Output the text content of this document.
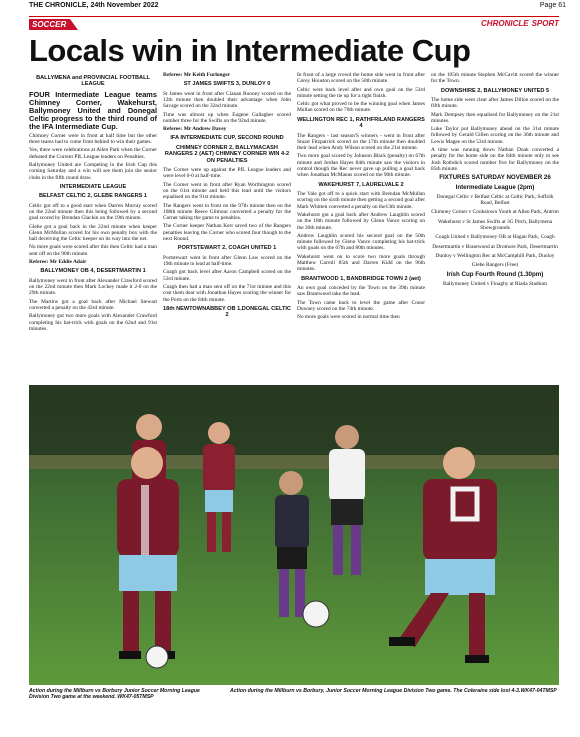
THE CHRONICLE, 24th November 2022	Page 61
SOCCER	CHRONICLE SPORT
Locals win in Intermediate Cup
BALLYMENA and PROVINCIAL FOOTBALL LEAGUE

FOUR Intermediate League teams Chimney Corner, Wakehurst, Ballymoney United and Donegal Celtic progress to the third round of the IFA Intermediate Cup.

Chimney Corner were in front at half time but the other three teams had to come from behind to win their games.

Yes, there were celebrations at Allen Park when the Corner defeated the Current PIL League leaders on Penalties.

Ballymoney United are Competing in the Irish Cup this coming Saturday and a win will see them join the senior clubs in the fifth round draw.

INTERMEDIATE LEAGUE
BELFAST CELTIC 2, GLEBE RANGERS 1

Celtic got off to a good start when Darren Murray scored on the 22nd minute then this being followed by a second goal scored by Brendan Glackin on the 19th minute.

Glebe got a goal back in the 22nd minute when keeper Glenn McMullan scored for his own penalty box with the ball deceiving the Celtic keeper on its way into the net.

No more goals were scored after this then Celtic had a man sent off on the 90th minute.

Referee: Mr Eddie Adair

BALLYMONEY OB 4, DESERTMARTIN 1

Ballymoney went in front after Alexander Crawford scored on the 22nd minute then Mark Lockey made it 2-0 on the 29th minute.

The Martins got a goal back after Michael Stewart converted a penalty on the 43rd minute.

Ballymoney got two more goals with Alexander Crawford completing his hat-trick with goals on the 62nd and 91st minutes.

Referee: Mr Keith Furlonger

ST JAMES SWIFTS 3, DUNLOY 0

St James went in front after Cianan Rooney scored on the 12th minute then doubled their advantage when John Savage scored on the 32nd minute.

Time was almost up when Eugene Gallagher scored number three for the Swifts on the 92nd minute.

Referee: Mr Andrew Davey

IFA INTERMEDIATE CUP, SECOND ROUND
CHIMNEY CORNER 2, BALLYMACASH RANGERS 2 (AET) CHIMNEY CORNER WIN 4-2 ON PENALTIES

The Corner were up against the PIL League leaders and were level 0-0 at half-time.

The Corner went in front after Ryan Worthington scored on the 61st minute and held this lead until the visitors equalised on the 91st minute.

The Rangers went in front on the 97th minute then on the 108th minute Reece Gilmour converted a penalty for the Corner taking the game to penalties.

The Corner keeper Nathan Kerr saved two of the Rangers penalties leaving the Corner who scored four though to the next Round.

PORTSTEWART 2, COAGH UNITED 1

Portstewart went in front after Glenn Law scored on the 19th minute to lead at half-time.

Coagh got back level after Aaron Campbell scored on the 53rd minute.

Coagh then had a man sent off on the 71st minute and this cost them dear with Jonathan Hayes scoring the winner for the Ports on the 84th minute.

18th NEWTOWNABBEY OB 1,DONEGAL CELTIC 2

In front of a large crowd the home side went in front after Corey Houston scored on the 50th minute.

Celtic were back level after and own goal on the 53rd minute setting the tie up for a tight finish.

Celtic got what proved to be the winning goal when James Mullan scored on the 70th minute.

WELLINGTON REC 1, RATHFRILAND RANGERS 4

The Rangers - last season'S winners - went in front after Stuart Fitzpatrick scored on the 17th minute then doubled their lead when Andy Wilson scored on the 21st minute.

Two more goal scored by Johnson Black (penalty) on 67th minute and Jordan Hayes 84th minute saw the visitors in control though the Rec never gave up pulling a goal back when Jonathan McManus scored on the 90th minute.

WAKEHURST 7, LAURELVALE 2

The Vale got off to a quick start with Brendan McMullan scoring on the sixth minute then getting a second goal after Mark Whitten converted a penalty on the13th minute.

Wakehurst got a goal back after Andrew Laughlin scored on the 18th minute followed by Glenn Vance scoring on the 30th minute.

Andrew Laughlin scored his second goal on the 50th minute followed by Glenn Vance completing his hat-trick with goals on the 67th and 80th minutes.

Wakehurst went on to score two more goals through Matthew Carroll 85th and Darren Kidd on the 96th minutes.

BRANTWOOD 1, BANDBRIDGE TOWN 2 (aet)

An own goal conceded by the Town on the 39th minute saw Brantwood take the lead.

The Town came back to level the game after Conor Downey scored on the 74th minute.

No more goals were scored in normal time then

on the 105th minute Stephen McCavitt scored the winner for the Town.

DOWNSHIRE 2, BALLYMONEY UNITED 5

The home side went clear after James Dillon scored on the fifth minute.

Mark Dempsey then equalised for Ballymoney on the 21st minutes.

Luke Taylor put Ballymoney ahead on the 31st minute followed by Gerald Gillen scoring on the 36th minute and Lewis Magee on the 53rd minute.

A time was running down Nathan Doak converted a penalty for the home side on the 84th minute only to see Josh Rothdich scored number five for Ballymoney on the 85th minute.

FIXTURES SATURDAY NOVEMBER 26
Intermediate League (2pm)

Donegal Celtic v Belfast Celtic at Celtic Park, Suffolk Road, Belfast

Chimney Corner v Cookstown Youth at Allen Park, Antrim

Wakehurst v St James Swifts at 3G Pitch, Ballymena Showgrounds

Coagh United v Ballymoney OB at Hagan Park, Coagh

Desertmartin v Brantwood at Dromore Park, Desertmartin

Dunloy v Wellington Rec at McCamphill Park, Dunloy

Glebe Rangers (Free)

Irish Cup Fourth Round (1.30pm)

Ballymoney United v Finaghy at Riada Stadium

Action during the Millburn vs Borbury Junior Soccer Morning League Division Two game at the weekend. WK47-05TMSP
Action during the Millburn vs Borbury, Junior Soccer Morning League Division Two game. The Coleraine side lost 4-3.WK47-04TMSP
